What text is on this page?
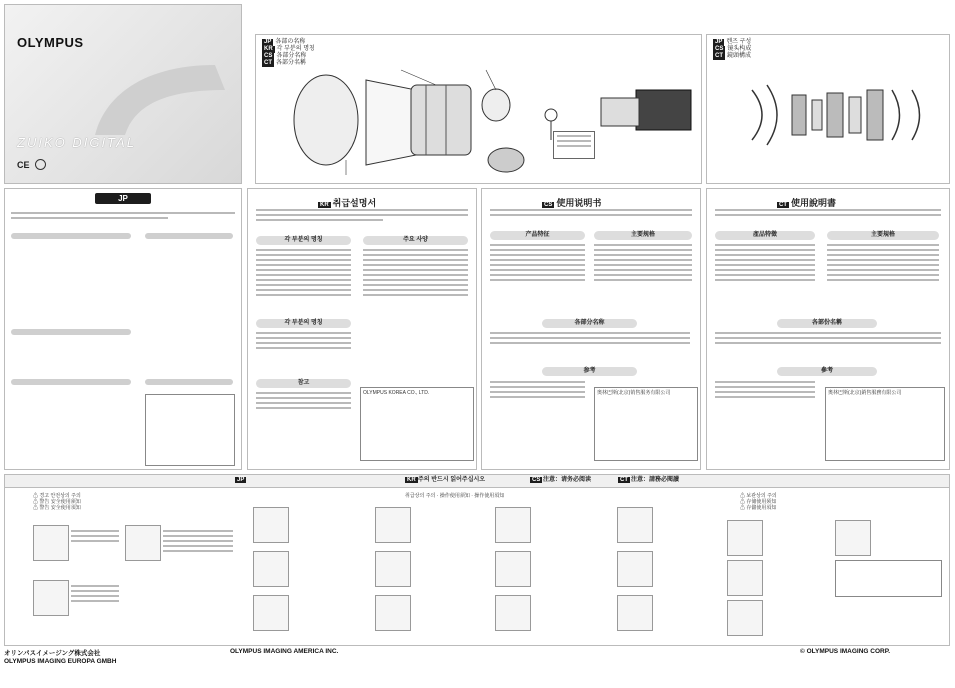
OLYMPUS
ZUIKO DIGITAL
CE
JP 各部の名称
KR 각 부분의 명칭
CS 各部分名称
CT 各部分名稱
JP 렌즈 구성
CS 镜头构成
CT 鏡頭構成
JP
KR 취급설명서
각 부분의 명칭	주요 사양
각 부분의 명칭
참고
OLYMPUS KOREA CO., LTD.
CS 使用说明书
产品特征	主要规格
各部分名称
参考
奥林巴斯(北京)销售服务有限公司
CT 使用說明書
產品特徵	主要規格
各部份名稱
參考
奧林巴斯(北京)銷售服務有限公司
JP	KR 주의 반드시 읽어주십시오	CS 注意：请务必阅读	CT 注意：請務必閱讀
⚠ 경고 안전상의 주의
⚠ 警告 安全使用须知
⚠ 警告 安全使用須知
취급상의 주의 · 操作使用须知 · 操作使用須知	⚠ 보관상의 주의
⚠ 存储使用须知
⚠ 存儲使用須知
オリンパスイメージング株式会社
OLYMPUS IMAGING EUROPA GMBH
OLYMPUS IMAGING AMERICA INC.	© OLYMPUS IMAGING CORP.
